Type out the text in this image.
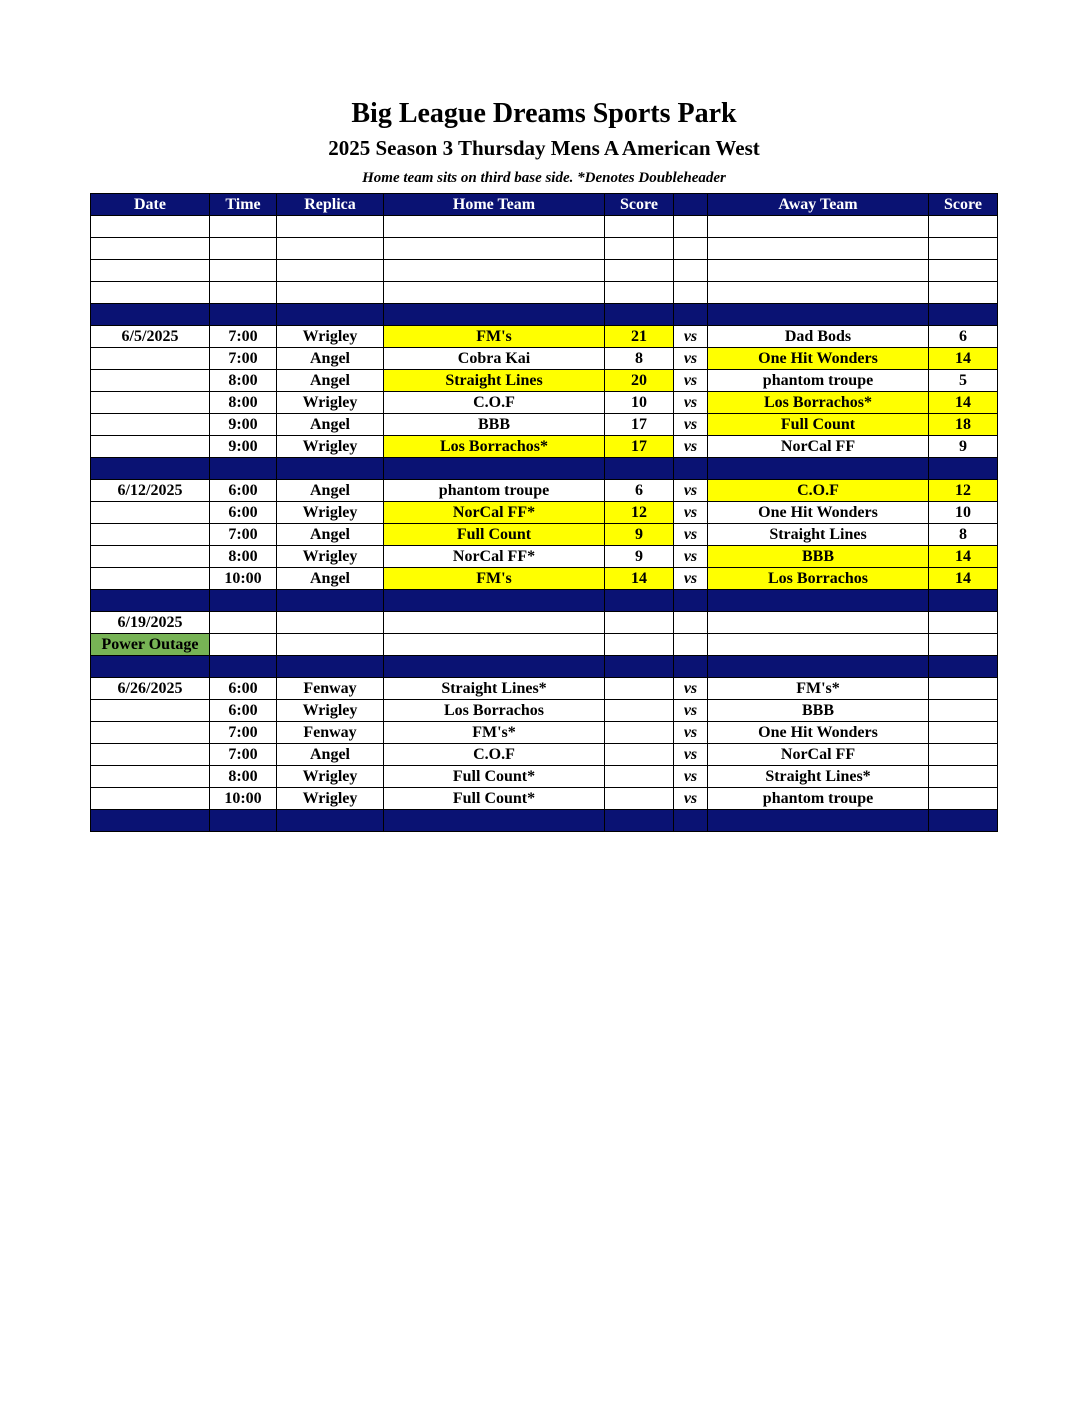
Big League Dreams Sports Park
2025 Season 3 Thursday Mens A American West
Home team sits on third base side. *Denotes Doubleheader
Date	Time	Replica	Home Team	Score		Away Team	Score

6/5/2025	7:00	Wrigley	FM's	21	vs	Dad Bods	6
	7:00	Angel	Cobra Kai	8	vs	One Hit Wonders	14
	8:00	Angel	Straight Lines	20	vs	phantom troupe	5
	8:00	Wrigley	C.O.F	10	vs	Los Borrachos*	14
	9:00	Angel	BBB	17	vs	Full Count	18
	9:00	Wrigley	Los Borrachos*	17	vs	NorCal FF	9

6/12/2025	6:00	Angel	phantom troupe	6	vs	C.O.F	12
	6:00	Wrigley	NorCal FF*	12	vs	One Hit Wonders	10
	7:00	Angel	Full Count	9	vs	Straight Lines	8
	8:00	Wrigley	NorCal FF*	9	vs	BBB	14
	10:00	Angel	FM's	14	vs	Los Borrachos	14

6/19/2025							
Power Outage							

6/26/2025	6:00	Fenway	Straight Lines*		vs	FM's*	
	6:00	Wrigley	Los Borrachos		vs	BBB	
	7:00	Fenway	FM's*		vs	One Hit Wonders	
	7:00	Angel	C.O.F		vs	NorCal FF	
	8:00	Wrigley	Full Count*		vs	Straight Lines*	
	10:00	Wrigley	Full Count*		vs	phantom troupe	
